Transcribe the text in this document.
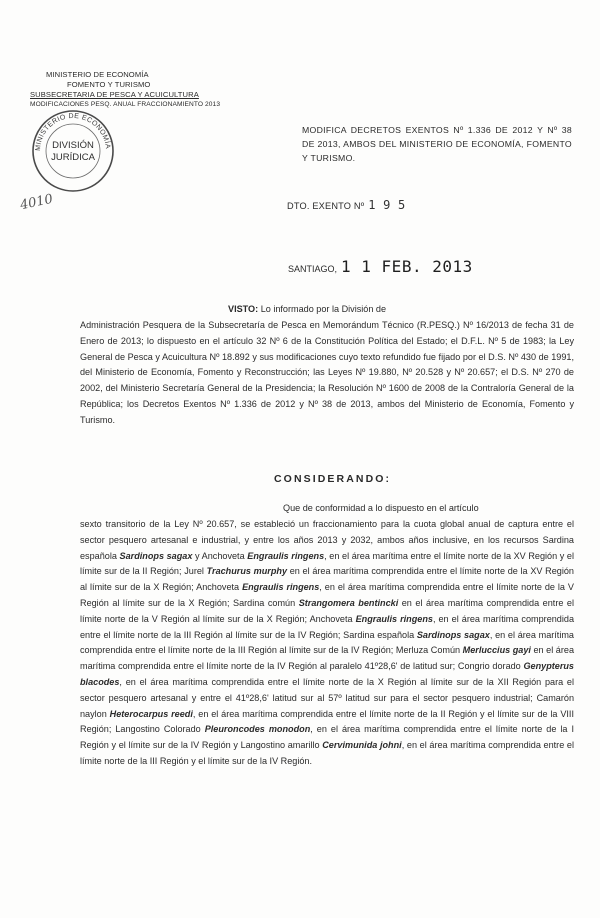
MINISTERIO DE ECONOMÍA
FOMENTO Y TURISMO
SUBSECRETARIA DE PESCA Y ACUICULTURA
MODIFICACIONES PESQ. ANUAL FRACCIONAMIENTO 2013
MINISTERIO DE ECONOMÍA
DIVISIÓN
JURÍDICA
4010
MODIFICA DECRETOS EXENTOS Nº 1.336 DE 2012 Y Nº 38 DE 2013, AMBOS DEL MINISTERIO DE ECONOMÍA, FOMENTO Y TURISMO.
DTO. EXENTO Nº 1 9 5
SANTIAGO, 1 1 FEB. 2013
VISTO: Lo informado por la División de
Administración Pesquera de la Subsecretaría de Pesca en Memorándum Técnico (R.PESQ.) Nº 16/2013 de fecha 31 de Enero de 2013; lo dispuesto en el artículo 32 Nº 6 de la Constitución Política del Estado; el D.F.L. Nº 5 de 1983; la Ley General de Pesca y Acuicultura Nº 18.892 y sus modificaciones cuyo texto refundido fue fijado por el D.S. Nº 430 de 1991, del Ministerio de Economía, Fomento y Reconstrucción; las Leyes Nº 19.880, Nº 20.528 y Nº 20.657; el D.S. Nº 270 de 2002, del Ministerio Secretaría General de la Presidencia; la Resolución Nº 1600 de 2008 de la Contraloría General de la República; los Decretos Exentos Nº 1.336 de 2012 y Nº 38 de 2013, ambos del Ministerio de Economía, Fomento y Turismo.
CONSIDERANDO:
Que de conformidad a lo dispuesto en el artículo
sexto transitorio de la Ley Nº 20.657, se estableció un fraccionamiento para la cuota global anual de captura entre el sector pesquero artesanal e industrial, y entre los años 2013 y 2032, ambos años inclusive, en los recursos Sardina española Sardinops sagax y Anchoveta Engraulis ringens, en el área marítima entre el límite norte de la XV Región y el límite sur de la II Región; Jurel Trachurus murphy en el área marítima comprendida entre el límite norte de la XV Región al límite sur de la X Región; Anchoveta Engraulis ringens, en el área marítima comprendida entre el límite norte de la V Región al límite sur de la X Región; Sardina común Strangomera bentincki en el área marítima comprendida entre el límite norte de la V Región al límite sur de la X Región; Anchoveta Engraulis ringens, en el área marítima comprendida entre el límite norte de la III Región al límite sur de la IV Región; Sardina española Sardinops sagax, en el área marítima comprendida entre el límite norte de la III Región al límite sur de la IV Región; Merluza Común Merluccius gayi en el área marítima comprendida entre el límite norte de la IV Región al paralelo 41º28,6' de latitud sur; Congrio dorado Genypterus blacodes, en el área marítima comprendida entre el límite norte de la X Región al límite sur de la XII Región para el sector pesquero artesanal y entre el 41º28,6' latitud sur al 57º latitud sur para el sector pesquero industrial; Camarón naylon Heterocarpus reedi, en el área marítima comprendida entre el límite norte de la II Región y el límite sur de la VIII Región; Langostino Colorado Pleuroncodes monodon, en el área marítima comprendida entre el límite norte de la I Región y el límite sur de la IV Región y Langostino amarillo Cervimunida johni, en el área marítima comprendida entre el límite norte de la III Región y el límite sur de la IV Región.
